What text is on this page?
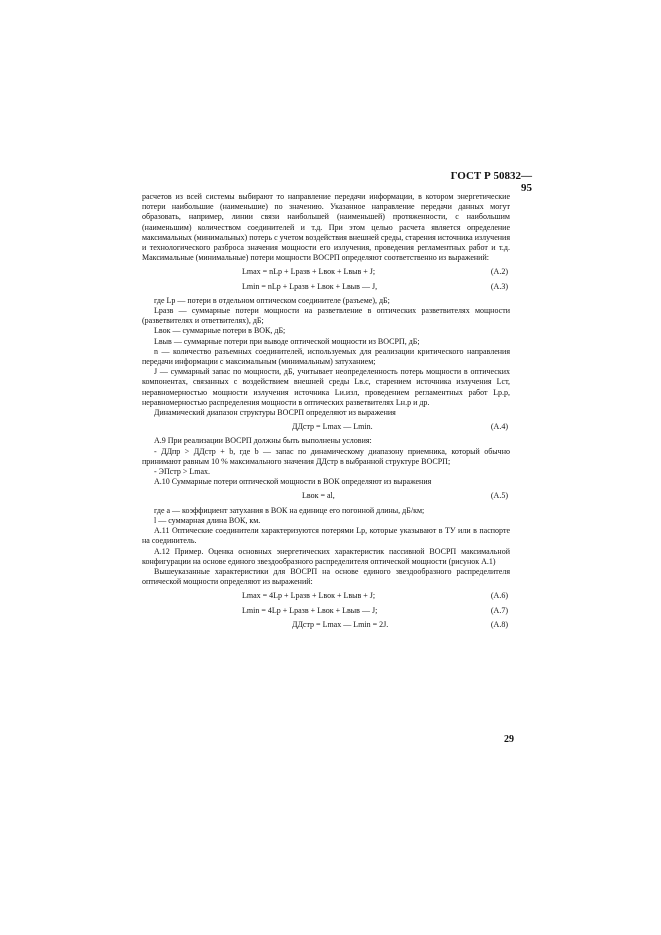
ГОСТ Р 50832—95

расчетов из всей системы выбирают то направление передачи информации, в котором энергетические потери наибольшие (наименьшие) по значению. Указанное направление передачи данных могут образовать, например, линии связи наибольшей (наименьшей) протяженности, с наибольшим (наименьшим) количеством соединителей и т.д. При этом целью расчета является определение максимальных (минимальных) потерь с учетом воздействия внешней среды, старения источника излучения и технологического разброса значения мощности его излучения, проведения регламентных работ и т.д. Максимальные (минимальные) потери мощности ВОСРП определяют соответственно из выражений:

Lmax = nLp + Lразв + Lвок + Lвыв + J;	(А.2)
Lmin = nLp + Lразв + Lвок + Lвыв — J,	(А.3)

где Lp — потери в отдельном оптическом соединителе (разъеме), дБ;

Lразв — суммарные потери мощности на разветвление в оптических разветвителях мощности (разветвителях и ответвителях), дБ;

Lвок — суммарные потери в ВОК, дБ;

Lвыв — суммарные потери при выводе оптической мощности из ВОСРП, дБ;

n — количество разъемных соединителей, используемых для реализации критического направления передачи информации с максимальным (минимальным) затуханием;

J — суммарный запас по мощности, дБ, учитывает неопределенность потерь мощности в оптических компонентах, связанных с воздействием внешней среды Lв.с, старением источника излучения Lст, неравномерностью мощности излучения источника Lи.изл, проведением регламентных работ Lр.р, неравномерностью распределения мощности в оптических разветвителях Lн.р и др.

Динамический диапазон структуры ВОСРП определяют из выражения

ДДстр = Lmax — Lmin.	(А.4)

А.9 При реализации ВОСРП должны быть выполнены условия:

- ДДпр > ДДстр + b, где b — запас по динамическому диапазону приемника, который обычно принимают равным 10 % максимального значения ДДстр в выбранной структуре ВОСРП;

- ЭПстр > Lmax.

А.10 Суммарные потери оптической мощности в ВОК определяют из выражения

Lвок = al,	(А.5)

где а — коэффициент затухания в ВОК на единице его погонной длины, дБ/км;

l — суммарная длина ВОК, км.

А.11 Оптические соединители характеризуются потерями Lp, которые указывают в ТУ или в паспорте на соединитель.

А.12 Пример. Оценка основных энергетических характеристик пассивной ВОСРП максимальной конфигурации на основе единого звездообразного распределителя оптической мощности (рисунок А.1)

Вышеуказанные характеристики для ВОСРП на основе единого звездообразного распределителя оптической мощности определяют из выражений:

Lmax = 4Lp + Lразв + Lвок + Lвыв + J;	(А.6)
Lmin = 4Lp + Lразв + Lвок + Lвыв — J;	(А.7)
ДДстр = Lmax — Lmin = 2J.	(А.8)
29
